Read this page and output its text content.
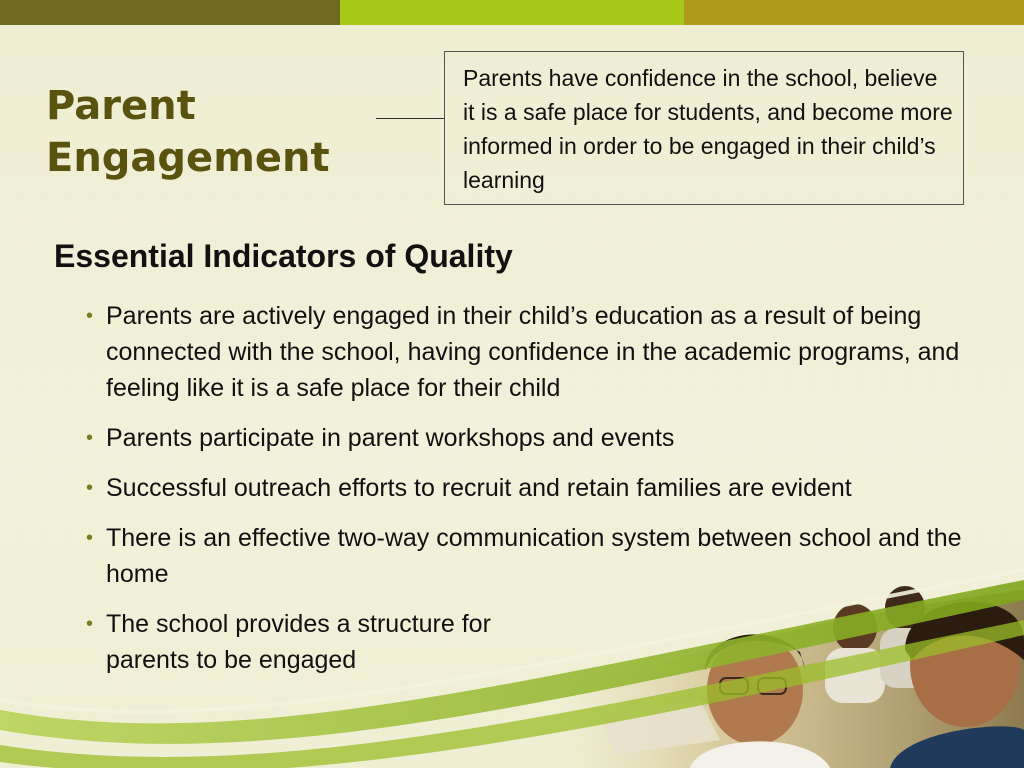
Parent
Engagement
Parents have confidence in the school, believe it is a safe place for students, and become more informed in order to be engaged in their child’s learning
Essential Indicators of Quality
• Parents are actively engaged in their child’s education as a result of being connected with the school, having confidence in the academic programs, and feeling like it is a safe place for their child
• Parents participate in parent workshops and events
• Successful outreach efforts to recruit and retain families are evident
• There is an effective two-way communication system between school and the home
• The school provides a structure for parents to be engaged
